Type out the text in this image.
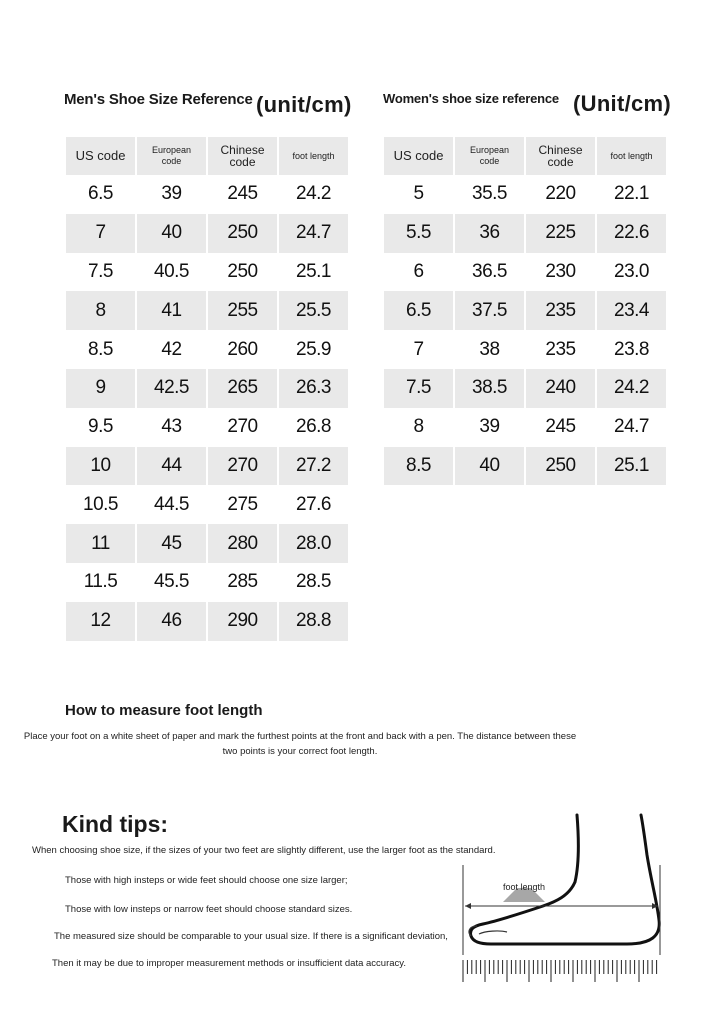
Men's Shoe Size Reference (unit/cm)
US code	European code	Chinese code	foot length
6.5	39	245	24.2
7	40	250	24.7
7.5	40.5	250	25.1
8	41	255	25.5
8.5	42	260	25.9
9	42.5	265	26.3
9.5	43	270	26.8
10	44	270	27.2
10.5	44.5	275	27.6
11	45	280	28.0
11.5	45.5	285	28.5
12	46	290	28.8
Women's shoe size reference (Unit/cm)
US code	European code	Chinese code	foot length
5	35.5	220	22.1
5.5	36	225	22.6
6	36.5	230	23.0
6.5	37.5	235	23.4
7	38	235	23.8
7.5	38.5	240	24.2
8	39	245	24.7
8.5	40	250	25.1
How to measure foot length
Place your foot on a white sheet of paper and mark the furthest points at the front and back with a pen. The distance between these two points is your correct foot length.
Kind tips:
When choosing shoe size, if the sizes of your two feet are slightly different, use the larger foot as the standard.
Those with high insteps or wide feet should choose one size larger;
Those with low insteps or narrow feet should choose standard sizes.
The measured size should be comparable to your usual size. If there is a significant deviation,
Then it may be due to improper measurement methods or insufficient data accuracy.
foot length
